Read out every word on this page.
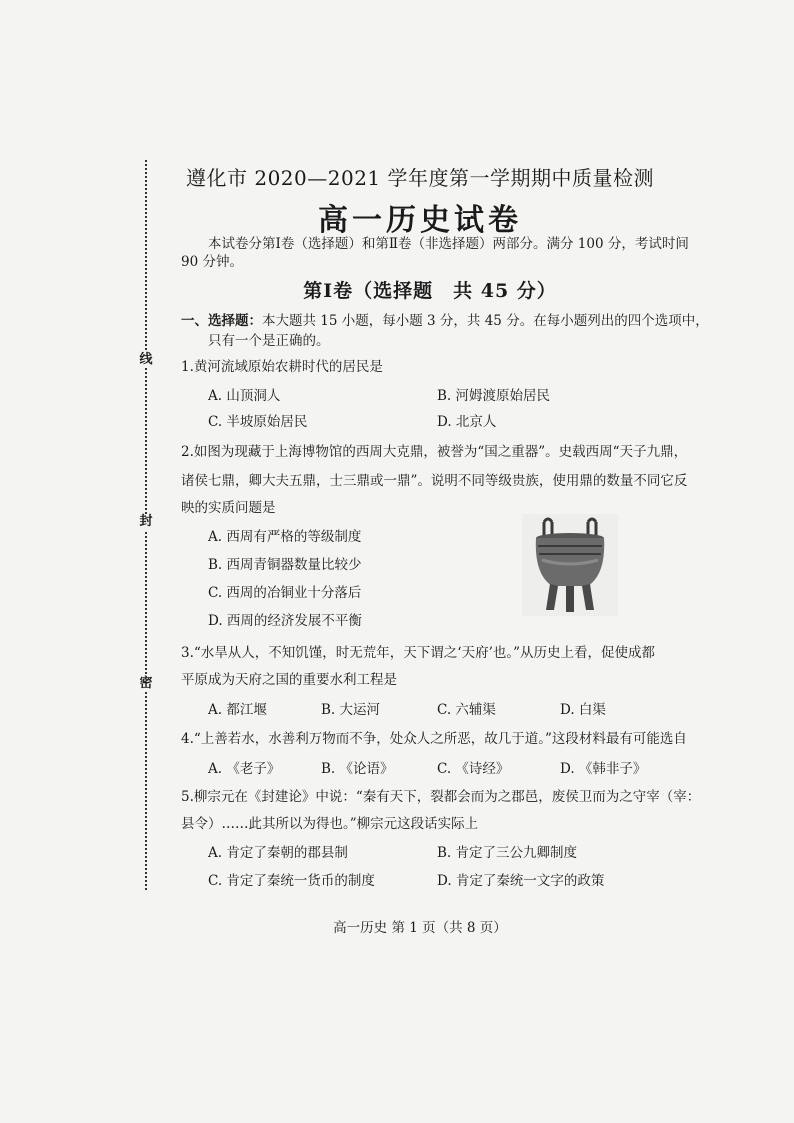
线
封
密
遵化市 2020—2021 学年度第一学期期中质量检测
高一历史试卷
本试卷分第Ⅰ卷（选择题）和第Ⅱ卷（非选择题）两部分。满分 100 分，考试时间
90 分钟。
第Ⅰ卷（选择题　共 45 分）
一、选择题：本大题共 15 小题，每小题 3 分，共 45 分。在每小题列出的四个选项中，
只有一个是正确的。
1.黄河流域原始农耕时代的居民是
A. 山顶洞人	B. 河姆渡原始居民
C. 半坡原始居民	D. 北京人
2.如图为现藏于上海博物馆的西周大克鼎，被誉为“国之重器”。史载西周“天子九鼎，
诸侯七鼎，卿大夫五鼎，士三鼎或一鼎”。说明不同等级贵族，使用鼎的数量不同它反
映的实质问题是
A. 西周有严格的等级制度
B. 西周青铜器数量比较少
C. 西周的冶铜业十分落后
D. 西周的经济发展不平衡
3.“水旱从人，不知饥馑，时无荒年，天下谓之‘天府’也。”从历史上看，促使成都
平原成为天府之国的重要水利工程是
A. 都江堰	B. 大运河	C. 六辅渠	D. 白渠
4.“上善若水，水善利万物而不争，处众人之所恶，故几于道。”这段材料最有可能选自
A. 《老子》	B. 《论语》	C. 《诗经》	D. 《韩非子》
5.柳宗元在《封建论》中说：“秦有天下，裂都会而为之郡邑，废侯卫而为之守宰（宰：
县令）……此其所以为得也。”柳宗元这段话实际上
A. 肯定了秦朝的郡县制	B. 肯定了三公九卿制度
C. 肯定了秦统一货币的制度	D. 肯定了秦统一文字的政策
高一历史 第 1 页（共 8 页）
